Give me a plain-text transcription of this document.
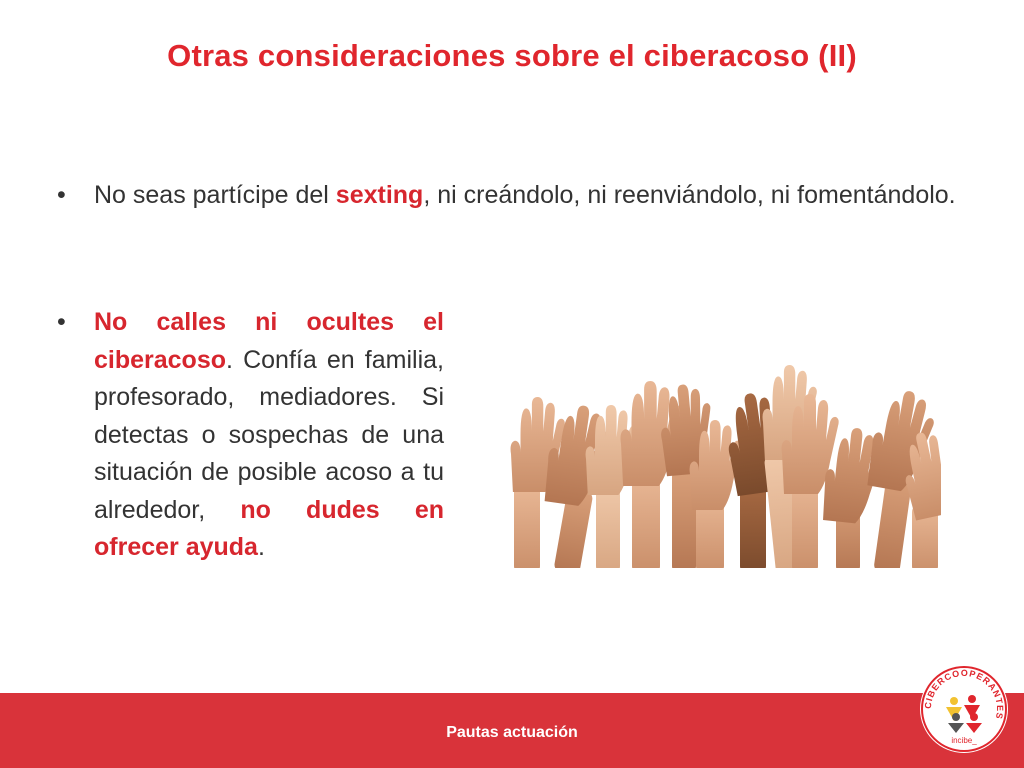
Otras consideraciones sobre el ciberacoso (II)
• No seas partícipe del sexting, ni creándolo, ni reenviándolo, ni fomentándolo.
• No calles ni ocultes el ciberacoso. Confía en familia, profesorado, mediadores. Si detectas o sospechas de una situación de posible acoso a tu alrededor, no dudes en ofrecer ayuda.
Pautas actuación
CIBERCOOPERANTES
incibe_
